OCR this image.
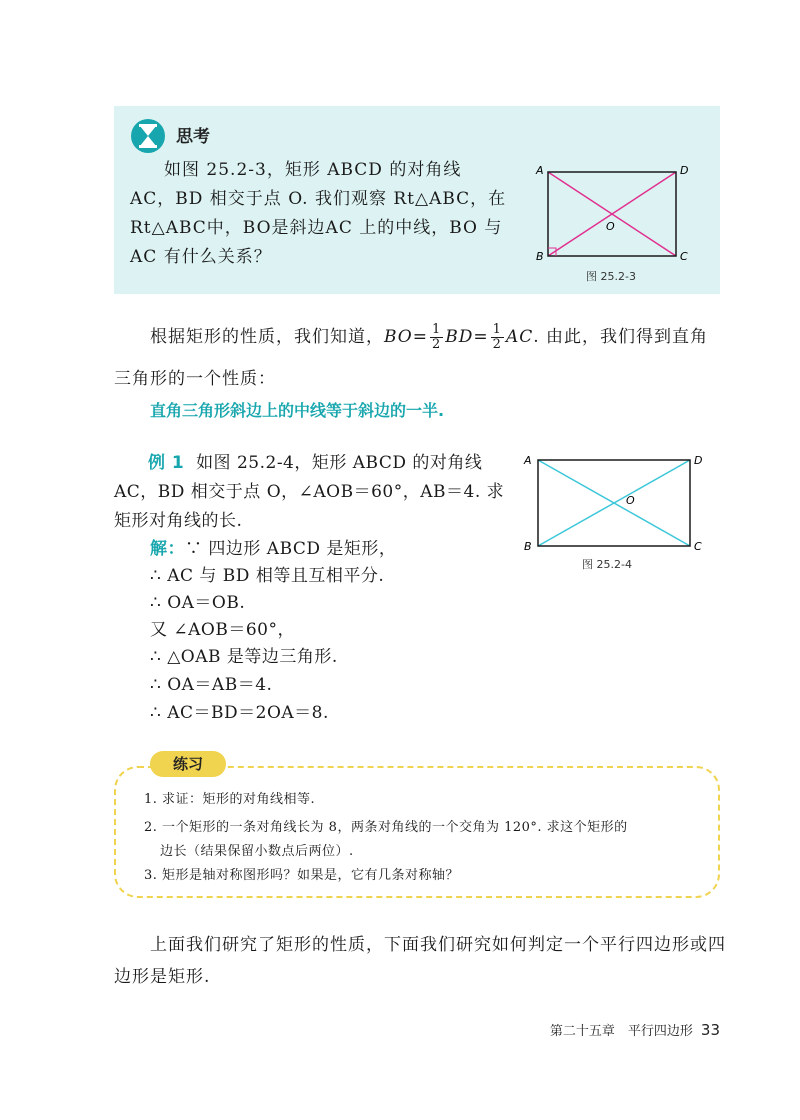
思考
如图 25.2-3，矩形 ABCD 的对角线 AC，BD 相交于点 O. 我们观察 Rt△ABC，在 Rt△ABC中，BO是斜边AC 上的中线，BO 与 AC 有什么关系？
A	D
B	C
O
图 25.2-3
根据矩形的性质，我们知道，$BO= \frac{1}{2} BD= \frac{1}{2}$ AC. 由此，我们得到直角
三角形的一个性质：
直角三角形斜边上的中线等于斜边的一半.
例 1 如图 25.2-4，矩形 ABCD 的对角线 AC，BD 相交于点 O，∠AOB＝60°，AB＝4. 求矩形对角线的长.
A	D
B	C
O
图 25.2-4
解：∵ 四边形 ABCD 是矩形，
∴ AC 与 BD 相等且互相平分.
∴ OA＝OB.
又 ∠AOB＝60°，
∴ △OAB 是等边三角形.
∴ OA＝AB＝4.
∴ AC＝BD＝2OA＝8.
练习
1. 求证：矩形的对角线相等.
2. 一个矩形的一条对角线长为 8，两条对角线的一个交角为 120°. 求这个矩形的
边长（结果保留小数点后两位）.
3. 矩形是轴对称图形吗？如果是，它有几条对称轴？
上面我们研究了矩形的性质，下面我们研究如何判定一个平行四边形或四
边形是矩形.
第二十五章　平行四边形 33
